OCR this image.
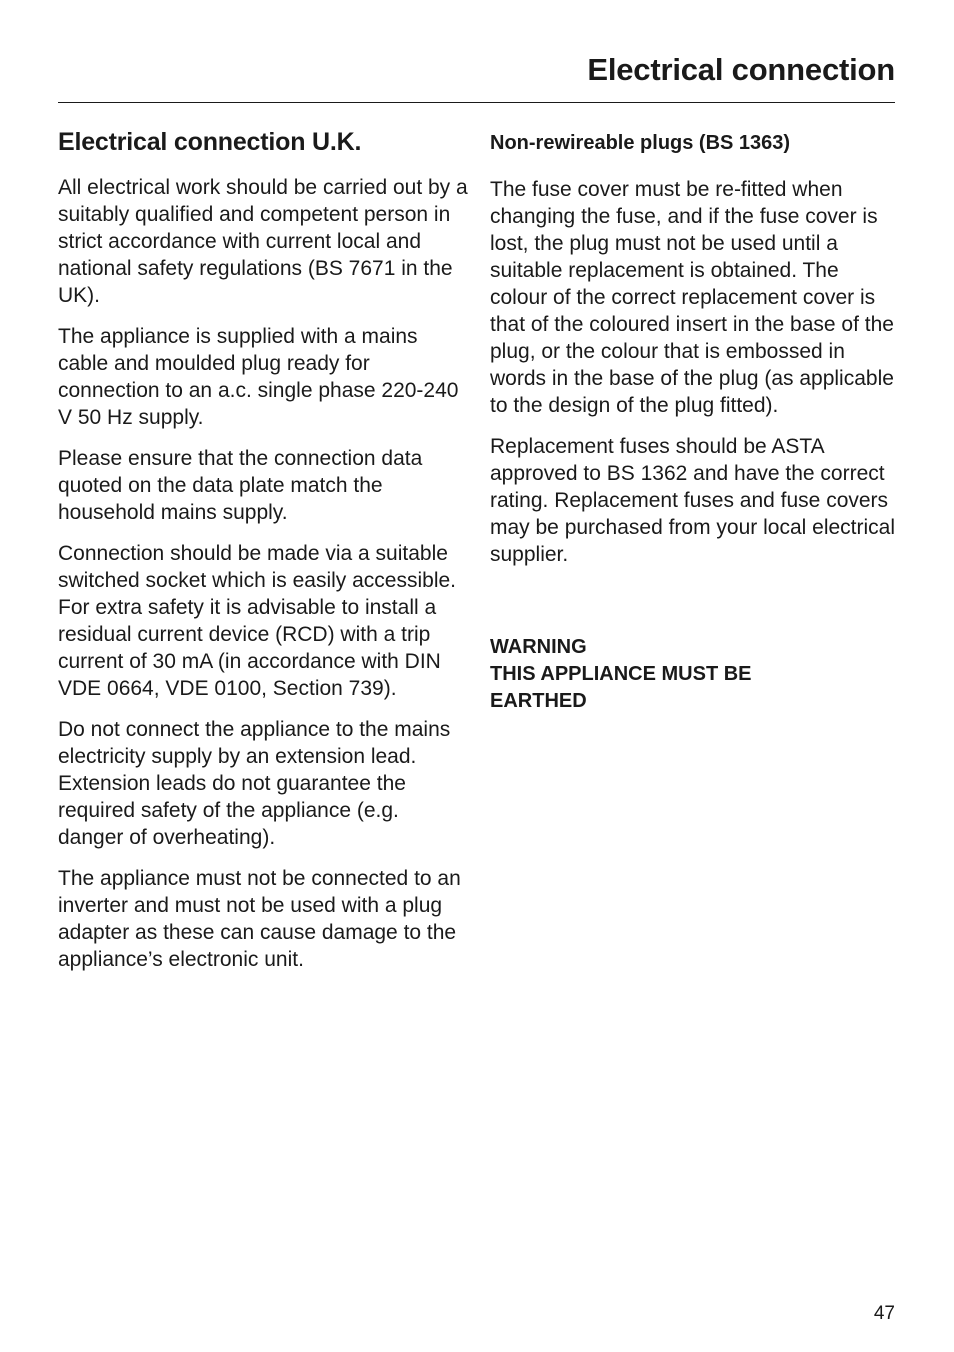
Electrical connection
Electrical connection U.K.

All electrical work should be carried out by a suitably qualified and competent person in strict accordance with current local and national safety regulations (BS 7671 in the UK).

The appliance is supplied with a mains cable and moulded plug ready for connection to an a.c. single phase 220-240 V 50 Hz supply.

Please ensure that the connection data quoted on the data plate match the household mains supply.

Connection should be made via a suitable switched socket which is easily accessible. For extra safety it is advisable to install a residual current device (RCD) with a trip current of 30 mA (in accordance with DIN VDE 0664, VDE 0100, Section 739).

Do not connect the appliance to the mains electricity supply by an extension lead. Extension leads do not guarantee the required safety of the appliance (e.g. danger of overheating).

The appliance must not be connected to an inverter and must not be used with a plug adapter as these can cause damage to the appliance’s electronic unit.

Non-rewireable plugs (BS 1363)

The fuse cover must be re-fitted when changing the fuse, and if the fuse cover is lost, the plug must not be used until a suitable replacement is obtained. The colour of the correct replacement cover is that of the coloured insert in the base of the plug, or the colour that is embossed in words in the base of the plug (as applicable to the design of the plug fitted).

Replacement fuses should be ASTA approved to BS 1362 and have the correct rating. Replacement fuses and fuse covers may be purchased from your local electrical supplier.

WARNING
THIS APPLIANCE MUST BE
EARTHED
47
